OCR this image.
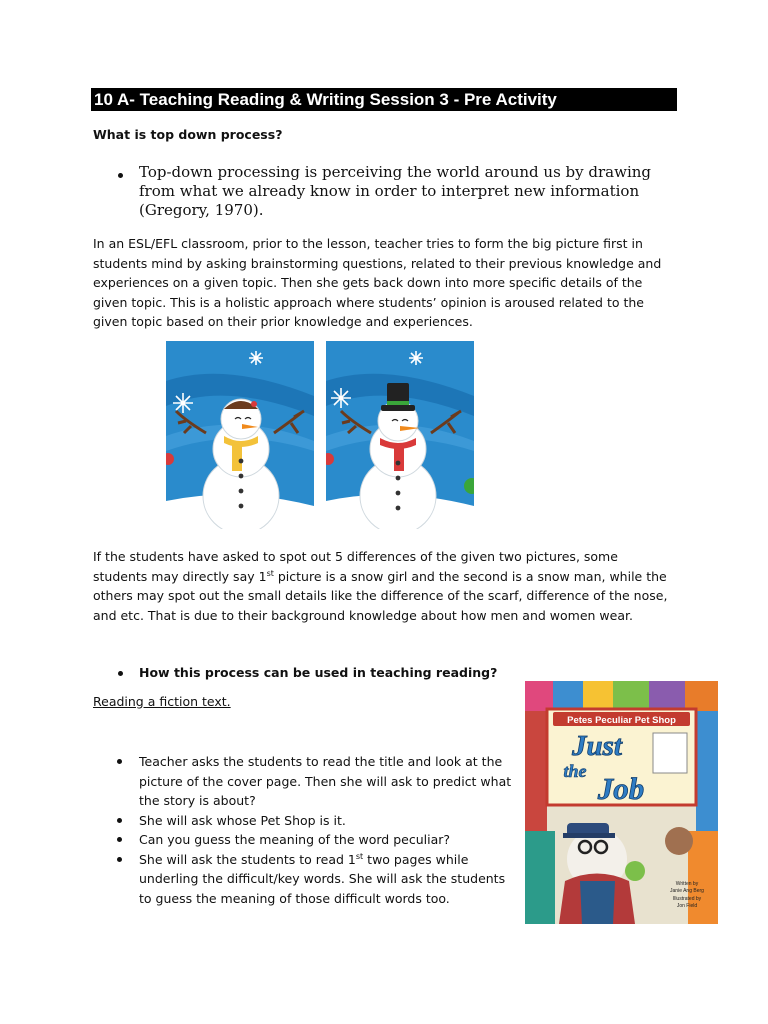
10 A- Teaching Reading & Writing Session 3 - Pre Activity
What is top down process?
Top-down processing is perceiving the world around us by drawing from what we already know in order to interpret new information (Gregory, 1970).
In an ESL/EFL classroom, prior to the lesson, teacher tries to form the big picture first in students mind by asking brainstorming questions, related to their previous knowledge and experiences on a given topic. Then she gets back down into more specific details of the given topic. This is a holistic approach where students’ opinion is aroused related to the given topic based on their prior knowledge and experiences.
If the students have asked to spot out 5 differences of the given two pictures, some students may directly say 1st picture is a snow girl and the second is a snow man, while the others may spot out the small details like the difference of the scarf, difference of the nose, and etc. That is due to their background knowledge about how men and women wear.
How this process can be used in teaching reading?
Reading a fiction text.
Teacher asks the students to read the title and look at the picture of the cover page. Then she will ask to predict what the story is about?
She will ask whose Pet Shop is it.
Can you guess the meaning of the word peculiar?
She will ask the students to read 1st two pages while underling the difficult/key words. She will ask the students to guess the meaning of those difficult words too.
Petes Peculiar Pet Shop
Just
the Job
Written by
Janie Ang Berg
Illustrated by
Jon Field
